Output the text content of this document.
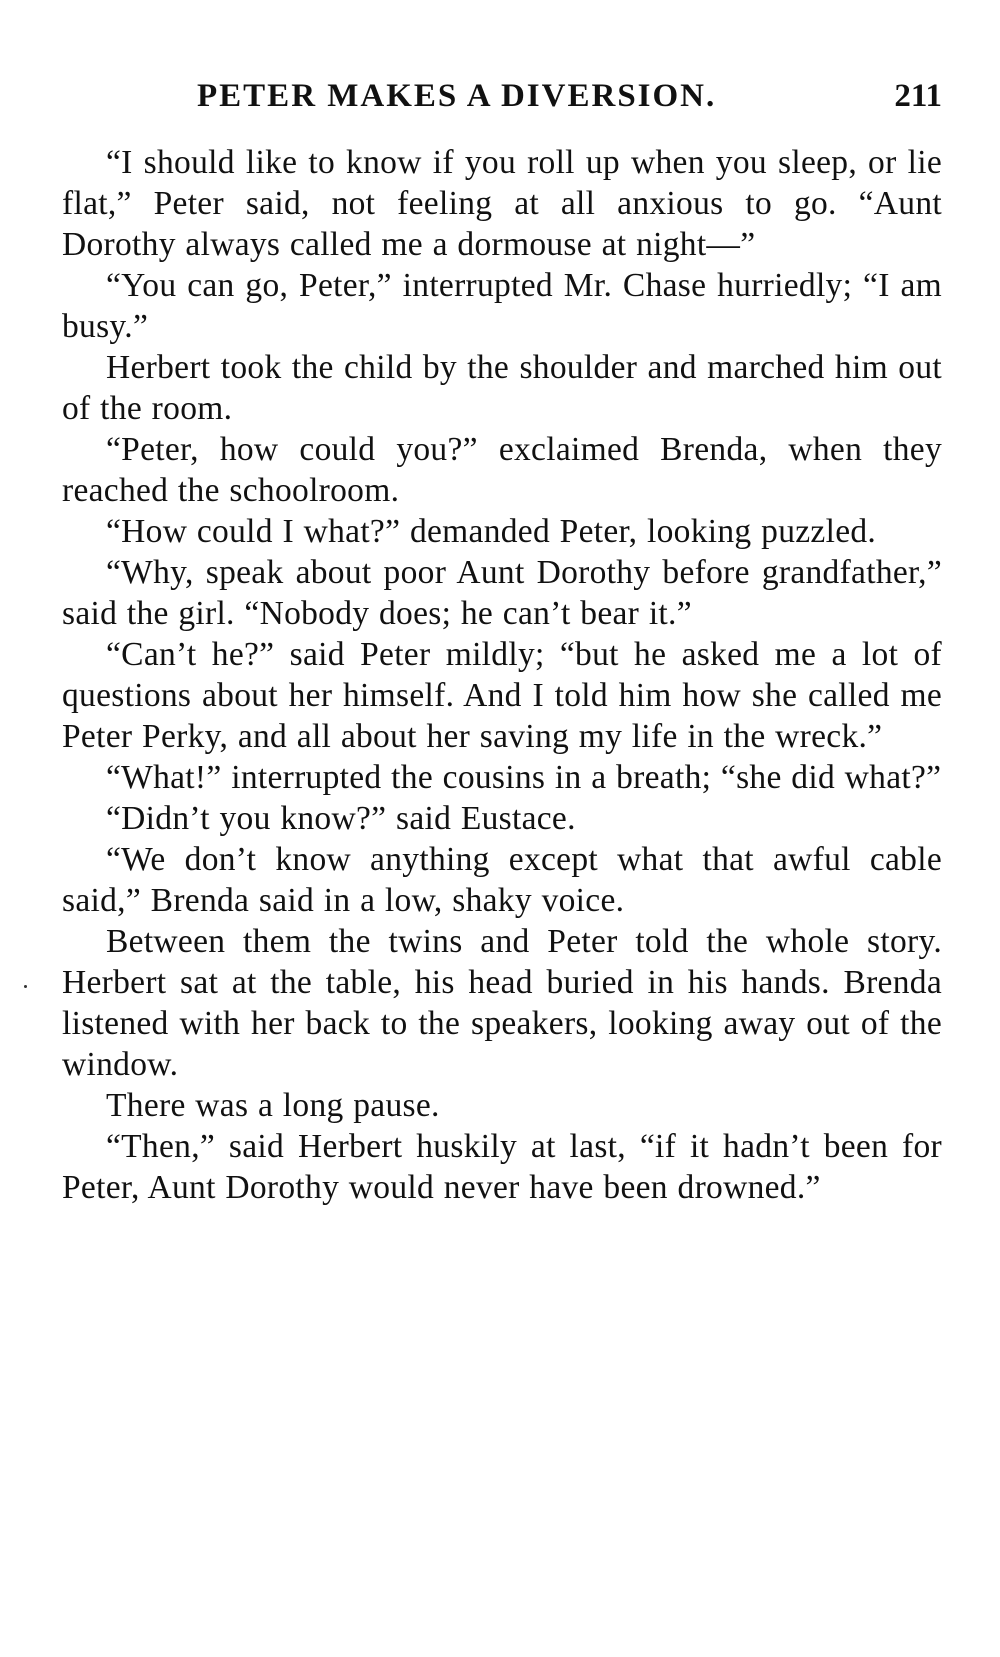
PETER MAKES A DIVERSION.	211

“I should like to know if you roll up when you sleep, or lie flat,” Peter said, not feeling at all anxious to go. “Aunt Dorothy always called me a dormouse at night—”

“You can go, Peter,” interrupted Mr. Chase hurriedly; “I am busy.”

Herbert took the child by the shoulder and marched him out of the room.

“Peter, how could you?” exclaimed Brenda, when they reached the schoolroom.

“How could I what?” demanded Peter, looking puzzled.

“Why, speak about poor Aunt Dorothy before grandfather,” said the girl. “Nobody does; he can’t bear it.”

“Can’t he?” said Peter mildly; “but he asked me a lot of questions about her himself. And I told him how she called me Peter Perky, and all about her saving my life in the wreck.”

“What!” interrupted the cousins in a breath; “she did what?”

“Didn’t you know?” said Eustace.

“We don’t know anything except what that awful cable said,” Brenda said in a low, shaky voice.

Between them the twins and Peter told the whole story. Herbert sat at the table, his head buried in his hands. Brenda listened with her back to the speakers, looking away out of the window.

There was a long pause.

“Then,” said Herbert huskily at last, “if it hadn’t been for Peter, Aunt Dorothy would never have been drowned.”
